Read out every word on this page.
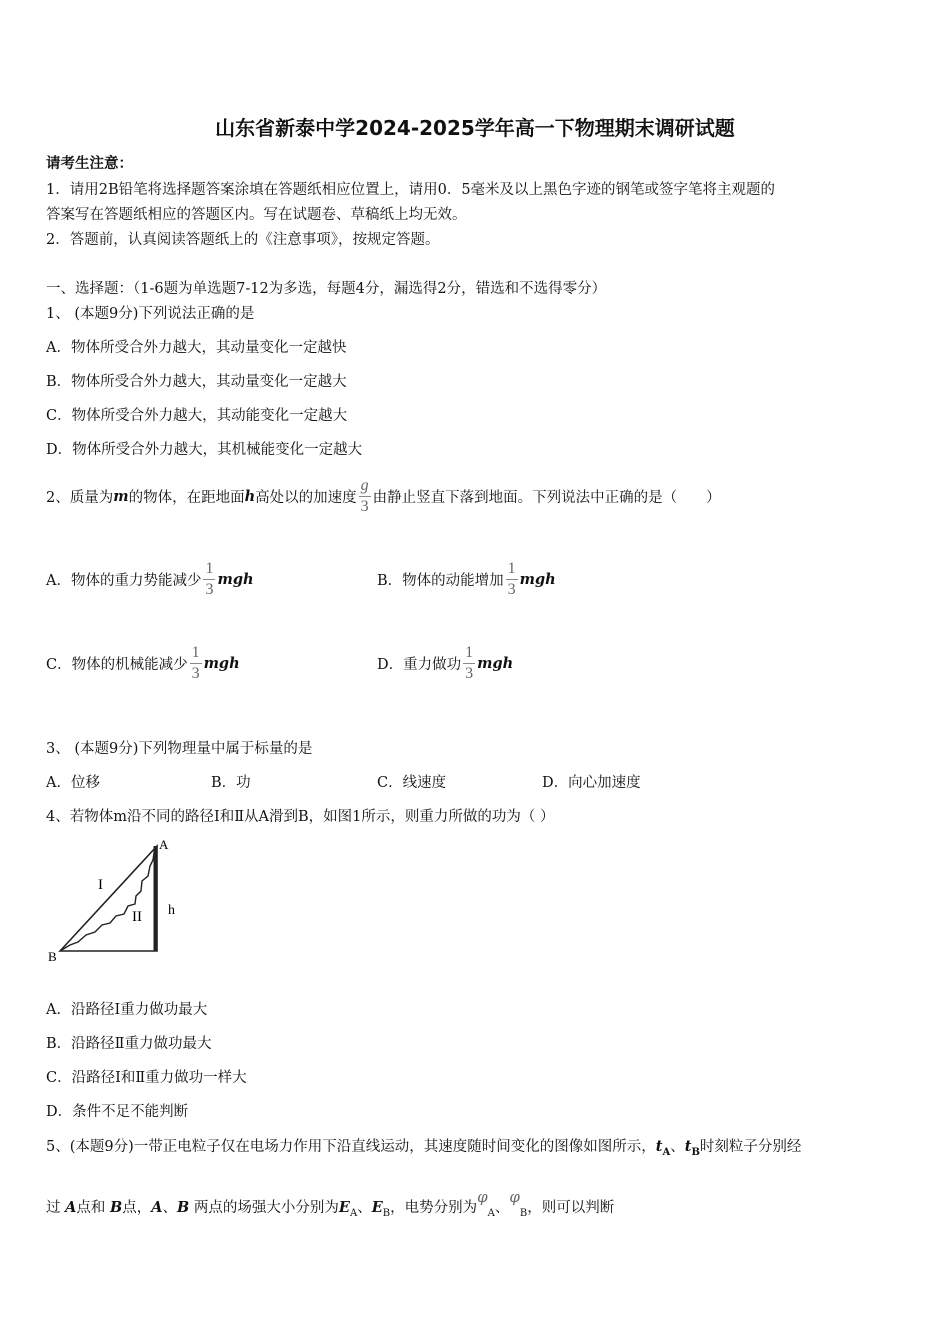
山东省新泰中学2024-2025学年高一下物理期末调研试题
请考生注意：
1．请用2B铅笔将选择题答案涂填在答题纸相应位置上，请用0．5毫米及以上黑色字迹的钢笔或签字笔将主观题的
答案写在答题纸相应的答题区内。写在试题卷、草稿纸上均无效。
2．答题前，认真阅读答题纸上的《注意事项》，按规定答题。
一、选择题：（1-6题为单选题7-12为多选，每题4分，漏选得2分，错选和不选得零分）
1、 (本题9分)下列说法正确的是
A．物体所受合外力越大，其动量变化一定越快
B．物体所受合外力越大，其动量变化一定越大
C．物体所受合外力越大，其动能变化一定越大
D．物体所受合外力越大，其机械能变化一定越大
2、质量为 m 的物体，在距地面 h 高处以的加速度 $\frac{g}{3}$ 由静止竖直下落到地面。下列说法中正确的是（　　）
A．物体的重力势能减少 $\frac{1}{3}$ mgh	B．物体的动能增加 $\frac{1}{3}$ mgh
C．物体的机械能减少 $\frac{1}{3}$ mgh	D．重力做功 $\frac{1}{3}$ mgh
3、 (本题9分)下列物理量中属于标量的是
A．位移	B．功	C．线速度	D．向心加速度
4、若物体m沿不同的路径Ⅰ和Ⅱ从A滑到B，如图1所示，则重力所做的功为（ ）
A
B
h
I
II
A．沿路径Ⅰ重力做功最大
B．沿路径Ⅱ重力做功最大
C．沿路径Ⅰ和Ⅱ重力做功一样大
D．条件不足不能判断
5、(本题9分)一带正电粒子仅在电场力作用下沿直线运动，其速度随时间变化的图像如图所示，$t_A$、$t_B$时刻粒子分别经
过 A点和 B点，A、B 两点的场强大小分别为$E_A$、$E_B$，电势分别为$\varphi_A$、$\varphi_B$，则可以判断
